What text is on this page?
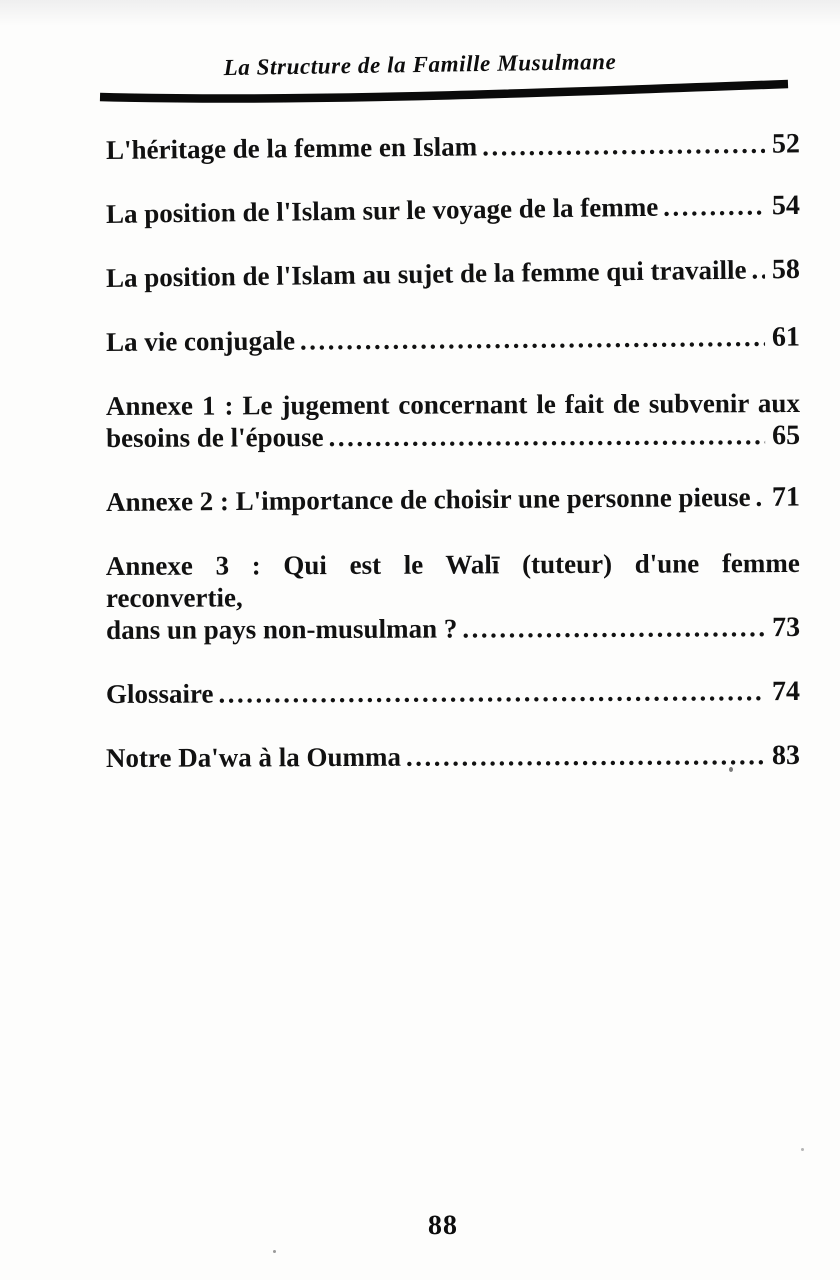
La Structure de la Famille Musulmane
L'héritage de la femme en Islam .....	52
La position de l'Islam sur le voyage de la femme .....	54
La position de l'Islam au sujet de la femme qui travaille ..... 58
La vie conjugale .....	61
Annexe 1 : Le jugement concernant le fait de subvenir aux
besoins de l'épouse .....	65
Annexe 2 : L'importance de choisir une personne pieuse ..... 71
Annexe 3 : Qui est le Walī (tuteur) d'une femme reconvertie,
dans un pays non-musulman ? .....	73
Glossaire .....	74
Notre Da'wa à la Oumma .....	83
88
